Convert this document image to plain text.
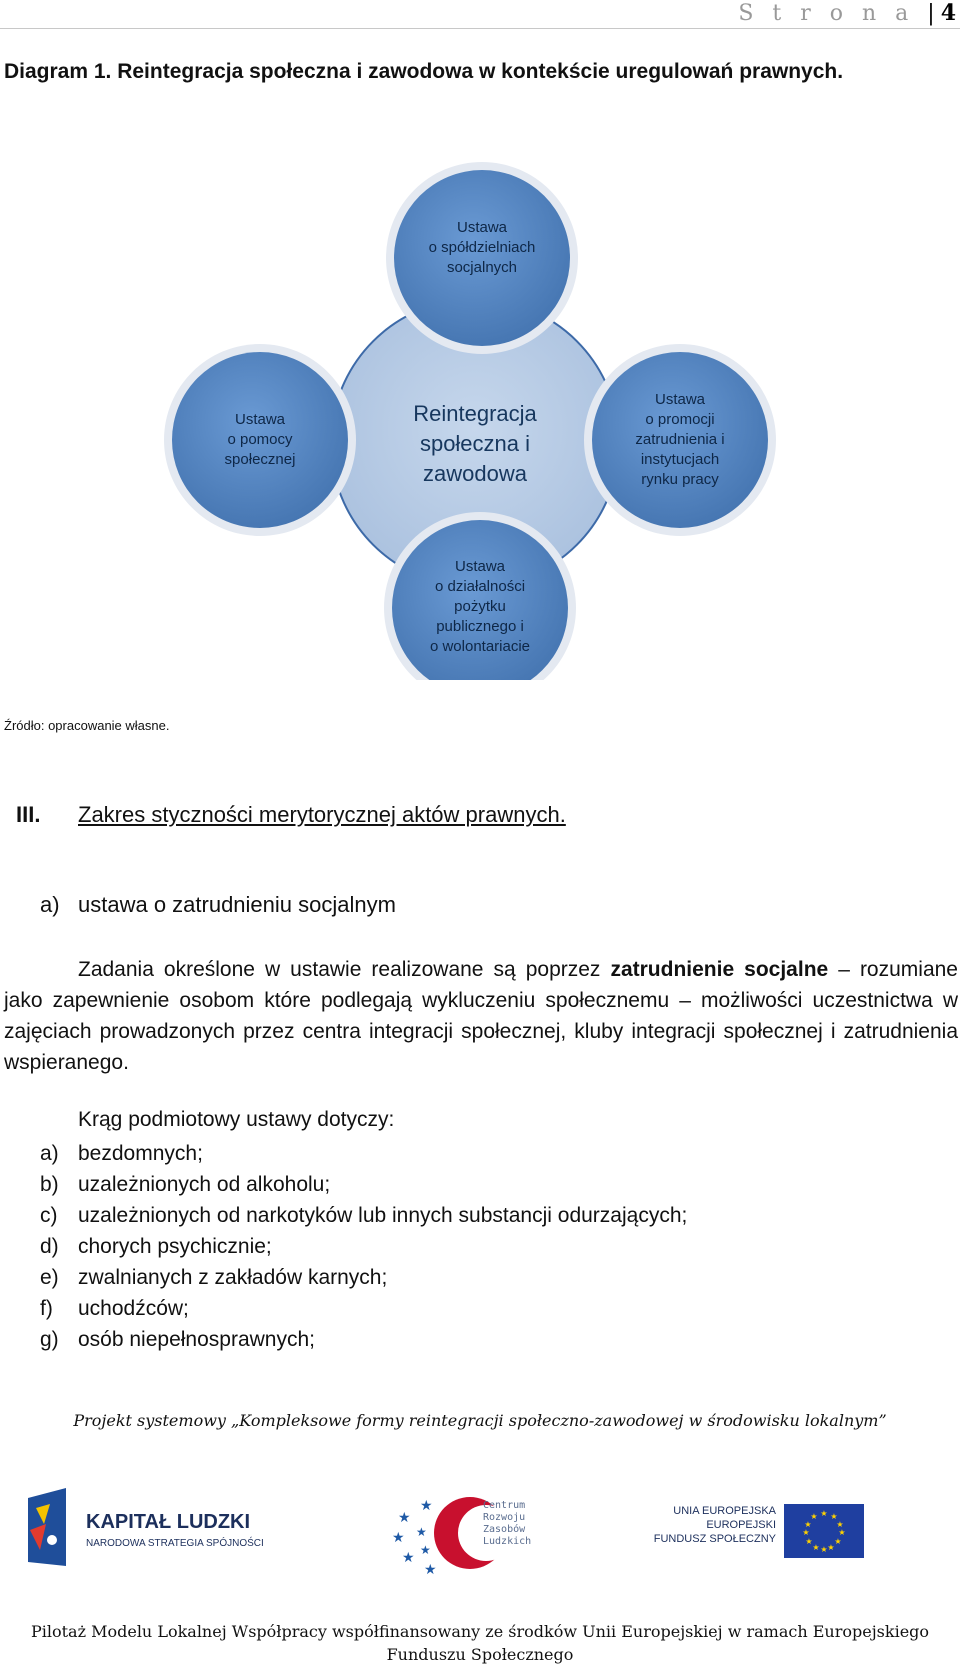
S t r o n a | 4
Diagram 1. Reintegracja społeczna i zawodowa w kontekście uregulowań prawnych.
Reintegracja społeczna i zawodowa
Ustawa o spółdzielniach socjalnych
Ustawa o pomocy społecznej
Ustawa o promocji zatrudnienia i instytucjach rynku pracy
Ustawa o działalności pożytku publicznego i o wolontariacie
Źródło: opracowanie własne.
III. Zakres styczności merytorycznej aktów prawnych.
a) ustawa o zatrudnieniu socjalnym
Zadania określone w ustawie realizowane są poprzez zatrudnienie socjalne – rozumiane jako zapewnienie osobom które podlegają wykluczeniu społecznemu – możliwości uczestnictwa w zajęciach prowadzonych przez centra integracji społecznej, kluby integracji społecznej i zatrudnienia wspieranego.
Krąg podmiotowy ustawy dotyczy:
a) bezdomnych;
b) uzależnionych od alkoholu;
c) uzależnionych od narkotyków lub innych substancji odurzających;
d) chorych psychicznie;
e) zwalnianych z zakładów karnych;
f)	uchodźców;
g) osób niepełnosprawnych;
Projekt systemowy „Kompleksowe formy reintegracji społeczno-zawodowej w środowisku lokalnym”
KAPITAŁ LUDZKI
NARODOWA STRATEGIA SPÓJNOŚCI
★
★
★
★
★
★
★
Centrum Rozwoju Zasobów Ludzkich
UNIA EUROPEJSKA EUROPEJSKI FUNDUSZ SPOŁECZNY
★ ★
★
★
★
★
★
★
★
★
★
★
Pilotaż Modelu Lokalnej Współpracy współfinansowany ze środków Unii Europejskiej w ramach Europejskiego
Funduszu Społecznego
